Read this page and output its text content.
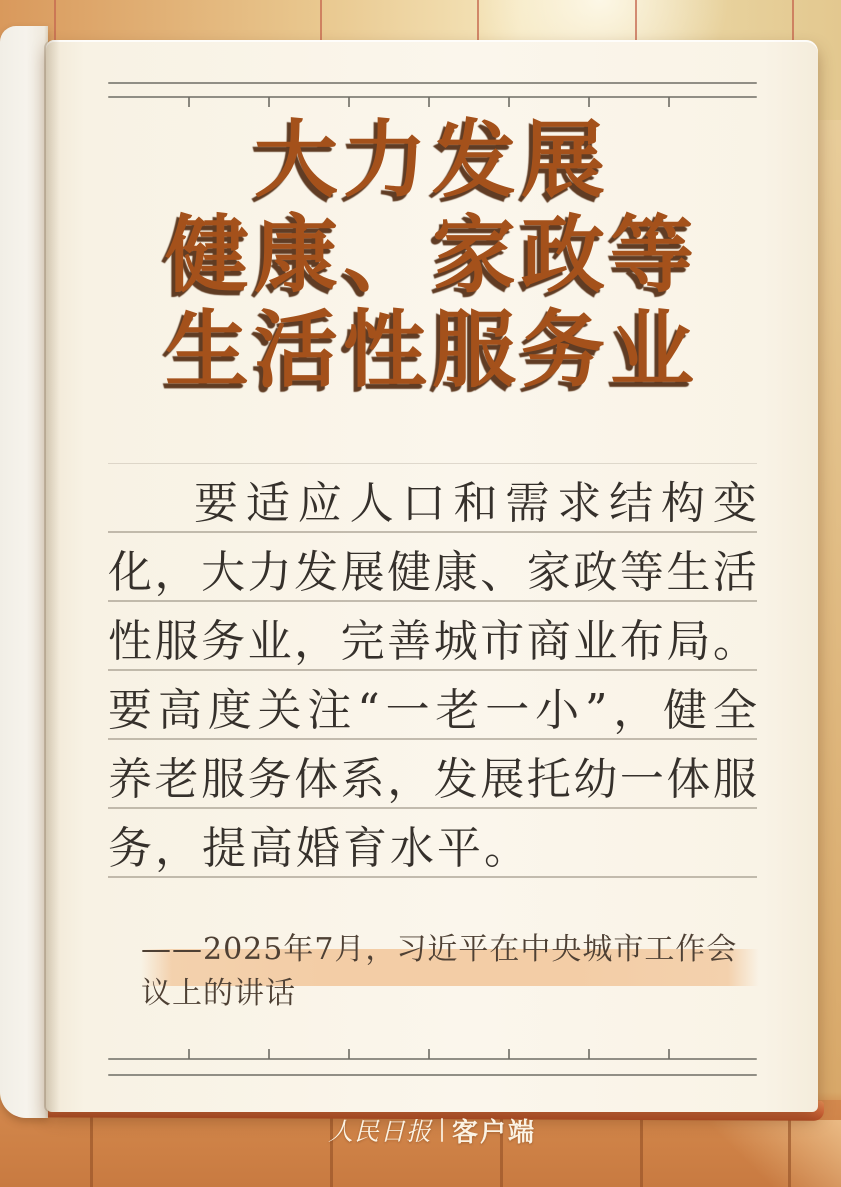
大力发展
健康、家政等
生活性服务业
要 适 应 人 口 和 需 求 结 构 变
化 ， 大 力 发 展 健 康 、 家 政 等 生 活
性 服 务 业 ， 完 善 城 市 商 业 布 局 。
要 高 度 关 注 “ 一 老 一 小 ” ， 健 全
养 老 服 务 体 系 ， 发 展 托 幼 一 体 服
务，提高婚育水平。
——2025年7月，习近平在中央城市工作会议上的讲话
人民日报 客户端
